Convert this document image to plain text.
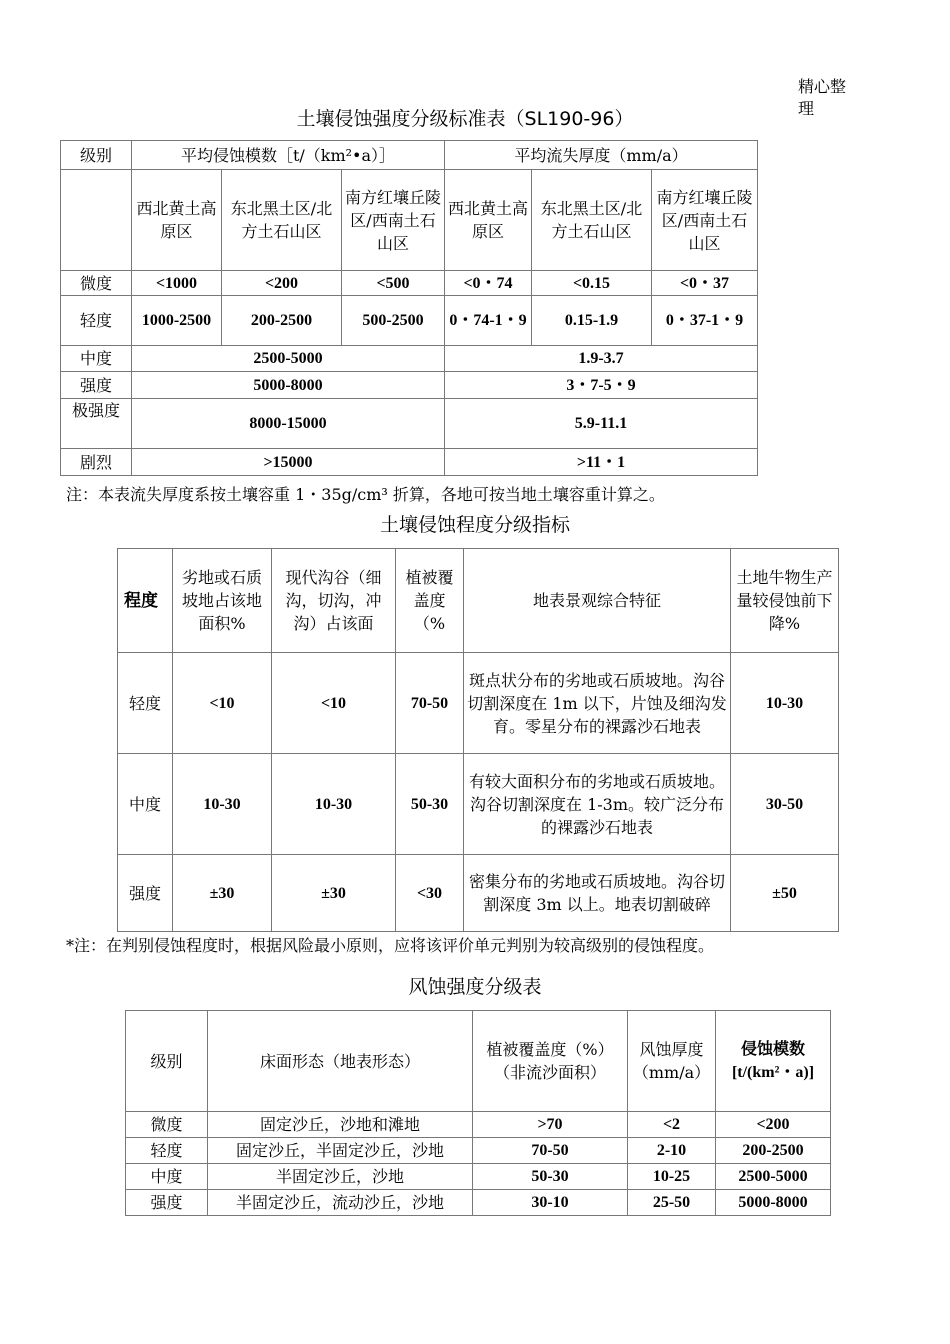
精心整理
土壤侵蚀强度分级标准表（SL190-96）
级别	平均侵蚀模数［t/（km²•a）］			平均流失厚度（mm/a）		
	西北黄土高原区	东北黑土区/北方土石山区	南方红壤丘陵区/西南土石山区	西北黄土高原区	东北黑土区/北方土石山区	南方红壤丘陵区/西南土石山区
微度	<1000	<200	<500	<0・74	<0.15	<0・37
轻度	1000-2500	200-2500	500-2500	0・74-1・9	0.15-1.9	0・37-1・9
中度	2500-5000			1.9-3.7		
强度	5000-8000			3・7-5・9		
极强度	8000-15000			5.9-11.1		
剧烈	>15000			>11・1		
注：本表流失厚度系按土壤容重 1・35g/cm³ 折算，各地可按当地土壤容重计算之。
土壤侵蚀程度分级指标
程度	劣地或石质坡地占该地面积%	现代沟谷（细沟，切沟，冲沟）占该面	植被覆盖度（%	地表景观综合特征	土地牛物生产量较侵蚀前下降%
轻度	<10	<10	70-50	斑点状分布的劣地或石质坡地。沟谷切割深度在 1m 以下，片蚀及细沟发育。零星分布的裸露沙石地表	10-30
中度	10-30	10-30	50-30	有较大面积分布的劣地或石质坡地。沟谷切割深度在 1-3m。较广泛分布的裸露沙石地表	30-50
强度	±30	±30	<30	密集分布的劣地或石质坡地。沟谷切割深度 3m 以上。地表切割破碎	±50
*注：在判别侵蚀程度时，根据风险最小原则，应将该评价单元判别为较高级别的侵蚀程度。
风蚀强度分级表
级别	床面形态（地表形态）	植被覆盖度（%）（非流沙面积）	风蚀厚度（mm/a）	侵蚀模数 [t/(km²・a)]
微度	固定沙丘，沙地和滩地	>70	<2	<200
轻度	固定沙丘，半固定沙丘，沙地	70-50	2-10	200-2500
中度	半固定沙丘，沙地	50-30	10-25	2500-5000
强度	半固定沙丘，流动沙丘，沙地	30-10	25-50	5000-8000
